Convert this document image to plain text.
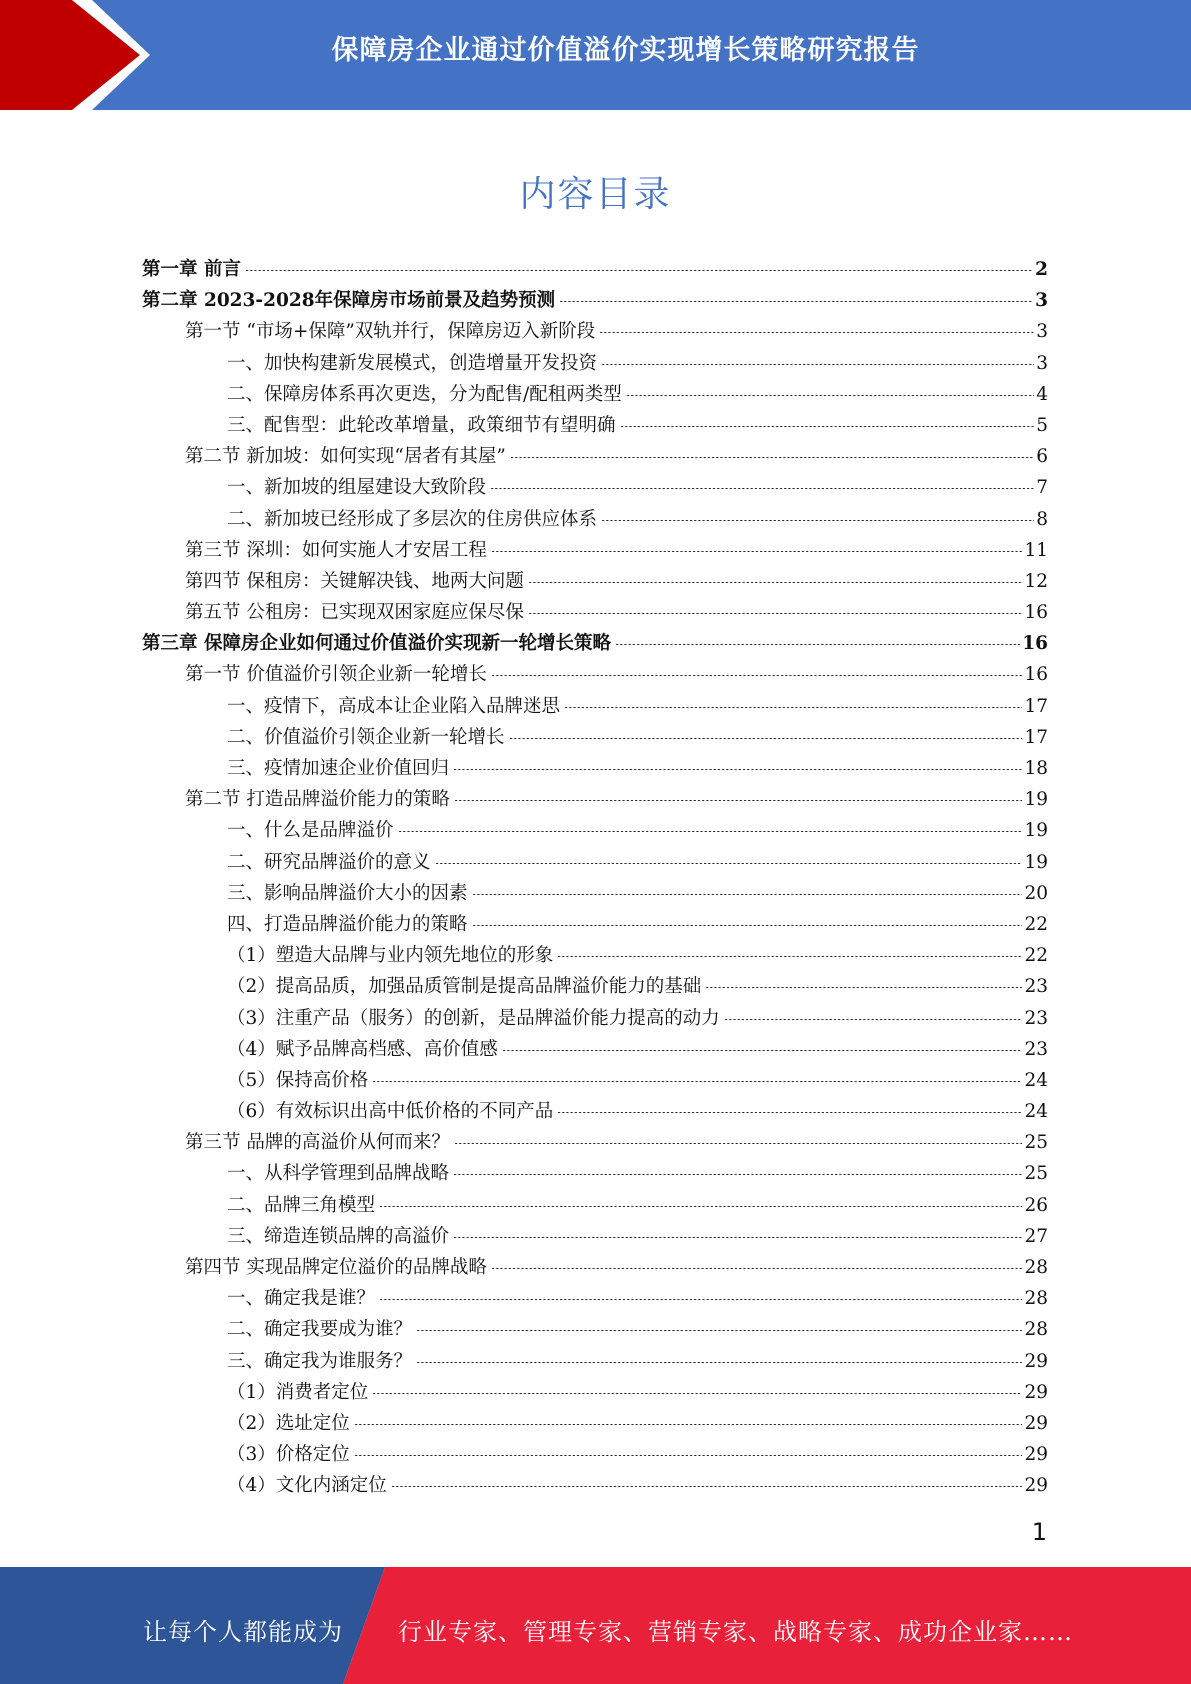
保障房企业通过价值溢价实现增长策略研究报告
内容目录
第一章 前言	2
第二章 2023-2028年保障房市场前景及趋势预测	3
第一节 “市场+保障”双轨并行，保障房迈入新阶段	3
一、加快构建新发展模式，创造增量开发投资	3
二、保障房体系再次更迭，分为配售/配租两类型	4
三、配售型：此轮改革增量，政策细节有望明确	5
第二节 新加坡：如何实现“居者有其屋”	6
一、新加坡的组屋建设大致阶段	7
二、新加坡已经形成了多层次的住房供应体系	8
第三节 深圳：如何实施人才安居工程	11
第四节 保租房：关键解决钱、地两大问题	12
第五节 公租房：已实现双困家庭应保尽保	16
第三章 保障房企业如何通过价值溢价实现新一轮增长策略	16
第一节 价值溢价引领企业新一轮增长	16
一、疫情下，高成本让企业陷入品牌迷思	17
二、价值溢价引领企业新一轮增长	17
三、疫情加速企业价值回归	18
第二节 打造品牌溢价能力的策略	19
一、什么是品牌溢价	19
二、研究品牌溢价的意义	19
三、影响品牌溢价大小的因素	20
四、打造品牌溢价能力的策略	22
（1）塑造大品牌与业内领先地位的形象	22
（2）提高品质，加强品质管制是提高品牌溢价能力的基础	23
（3）注重产品（服务）的创新，是品牌溢价能力提高的动力	23
（4）赋予品牌高档感、高价值感	23
（5）保持高价格	24
（6）有效标识出高中低价格的不同产品	24
第三节 品牌的高溢价从何而来？	25
一、从科学管理到品牌战略	25
二、品牌三角模型	26
三、缔造连锁品牌的高溢价	27
第四节 实现品牌定位溢价的品牌战略	28
一、确定我是谁？	28
二、确定我要成为谁？	28
三、确定我为谁服务？	29
（1）消费者定位	29
（2）选址定位	29
（3）价格定位	29
（4）文化内涵定位	29
1
让每个人都能成为 行业专家、管理专家、营销专家、战略专家、成功企业家……
